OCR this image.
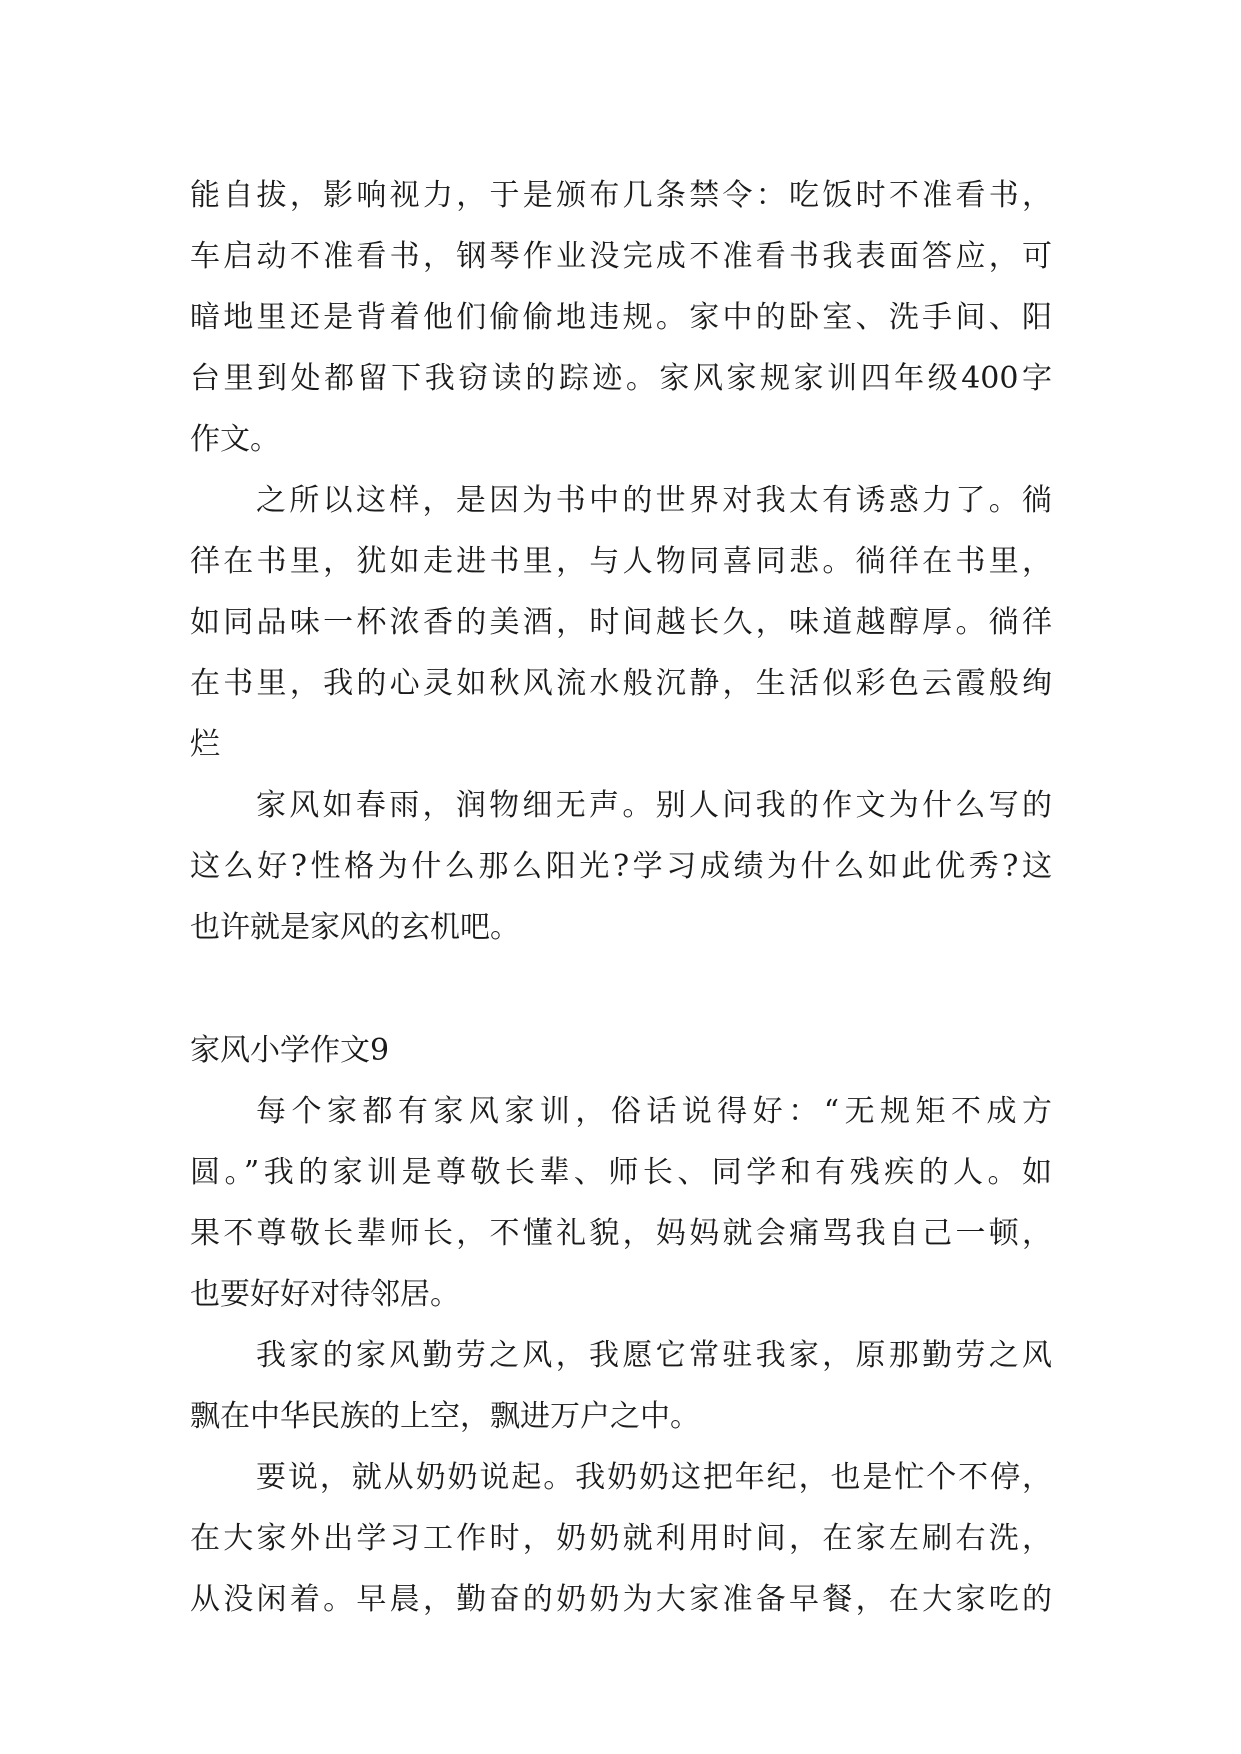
能自拔，影响视力，于是颁布几条禁令：吃饭时不准看书，
车启动不准看书，钢琴作业没完成不准看书我表面答应，可
暗地里还是背着他们偷偷地违规。家中的卧室、洗手间、阳
台里到处都留下我窃读的踪迹。家风家规家训四年级400字
作文。
之所以这样，是因为书中的世界对我太有诱惑力了。徜
徉在书里，犹如走进书里，与人物同喜同悲。徜徉在书里，
如同品味一杯浓香的美酒，时间越长久，味道越醇厚。徜徉
在书里，我的心灵如秋风流水般沉静，生活似彩色云霞般绚
烂
家风如春雨，润物细无声。别人问我的作文为什么写的
这么好?性格为什么那么阳光?学习成绩为什么如此优秀?这
也许就是家风的玄机吧。
家风小学作文9
每个家都有家风家训，俗话说得好：“无规矩不成方
圆。”我的家训是尊敬长辈、师长、同学和有残疾的人。如
果不尊敬长辈师长，不懂礼貌，妈妈就会痛骂我自己一顿，
也要好好对待邻居。
我家的家风勤劳之风，我愿它常驻我家，原那勤劳之风
飘在中华民族的上空，飘进万户之中。
要说，就从奶奶说起。我奶奶这把年纪，也是忙个不停，
在大家外出学习工作时，奶奶就利用时间，在家左刷右洗，
从没闲着。早晨，勤奋的奶奶为大家准备早餐，在大家吃的
